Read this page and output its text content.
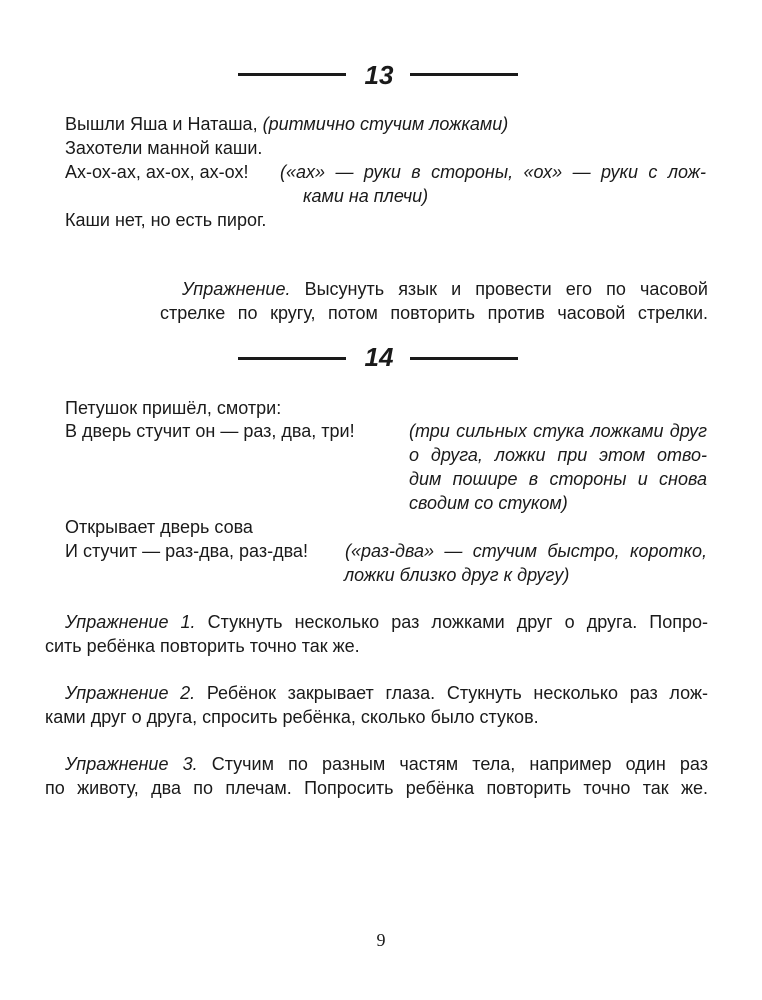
13
Вышли Яша и Наташа, (ритмично стучим ложками)
Захотели манной каши.
Ах-ох-ах, ах-ох, ах-ох! («ах» — руки в стороны, «ох» — руки с лож-
ками на плечи)
Каши нет, но есть пирог.
Упражнение. Высунуть язык и провести его по часовой
стрелке по кругу, потом повторить против часовой стрелки.
14
Петушок пришёл, смотри:
В дверь стучит он — раз, два, три!	(три сильных стука ложками друг
о друга, ложки при этом отво-
дим пошире в стороны и снова
сводим со стуком)
Открывает дверь сова
И стучит — раз-два, раз-два! («раз-два» — стучим быстро, коротко,
ложки близко друг к другу)
Упражнение 1. Стукнуть несколько раз ложками друг о друга. Попро-
сить ребёнка повторить точно так же.
Упражнение 2. Ребёнок закрывает глаза. Стукнуть несколько раз лож-
ками друг о друга, спросить ребёнка, сколько было стуков.
Упражнение 3. Стучим по разным частям тела, например один раз
по животу, два по плечам. Попросить ребёнка повторить точно так же.
9
